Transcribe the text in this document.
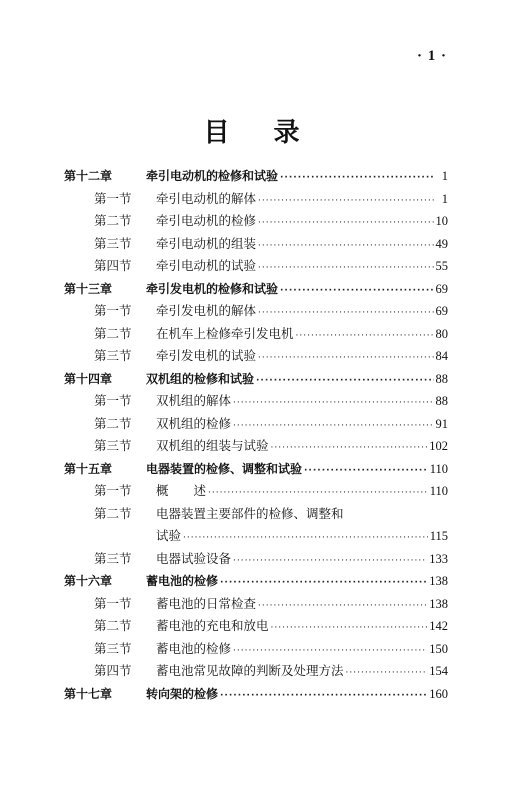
· 1 ·
目 录
第十二章	牵引电动机的检修和试验 ·····	1
第一节	牵引电动机的解体 ·····	1
第二节	牵引电动机的检修 ·····	10
第三节	牵引电动机的组装 ·····	49
第四节	牵引电动机的试验 ·····	55
第十三章	牵引发电机的检修和试验 ·····	69
第一节	牵引发电机的解体 ·····	69
第二节	在机车上检修牵引发电机 ·····	80
第三节	牵引发电机的试验 ·····	84
第十四章	双机组的检修和试验 ·····	88
第一节	双机组的解体 ·····	88
第二节	双机组的检修 ·····	91
第三节	双机组的组装与试验 ·····	102
第十五章	电器装置的检修、调整和试验 ·····	110
第一节	概　　述 ·····	110
第二节	电器装置主要部件的检修、调整和
试验 ·····	115
第三节	电器试验设备 ·····	133
第十六章	蓄电池的检修 ·····	138
第一节	蓄电池的日常检查 ·····	138
第二节	蓄电池的充电和放电 ·····	142
第三节	蓄电池的检修 ·····	150
第四节	蓄电池常见故障的判断及处理方法 ·····	154
第十七章	转向架的检修 ·····	160
